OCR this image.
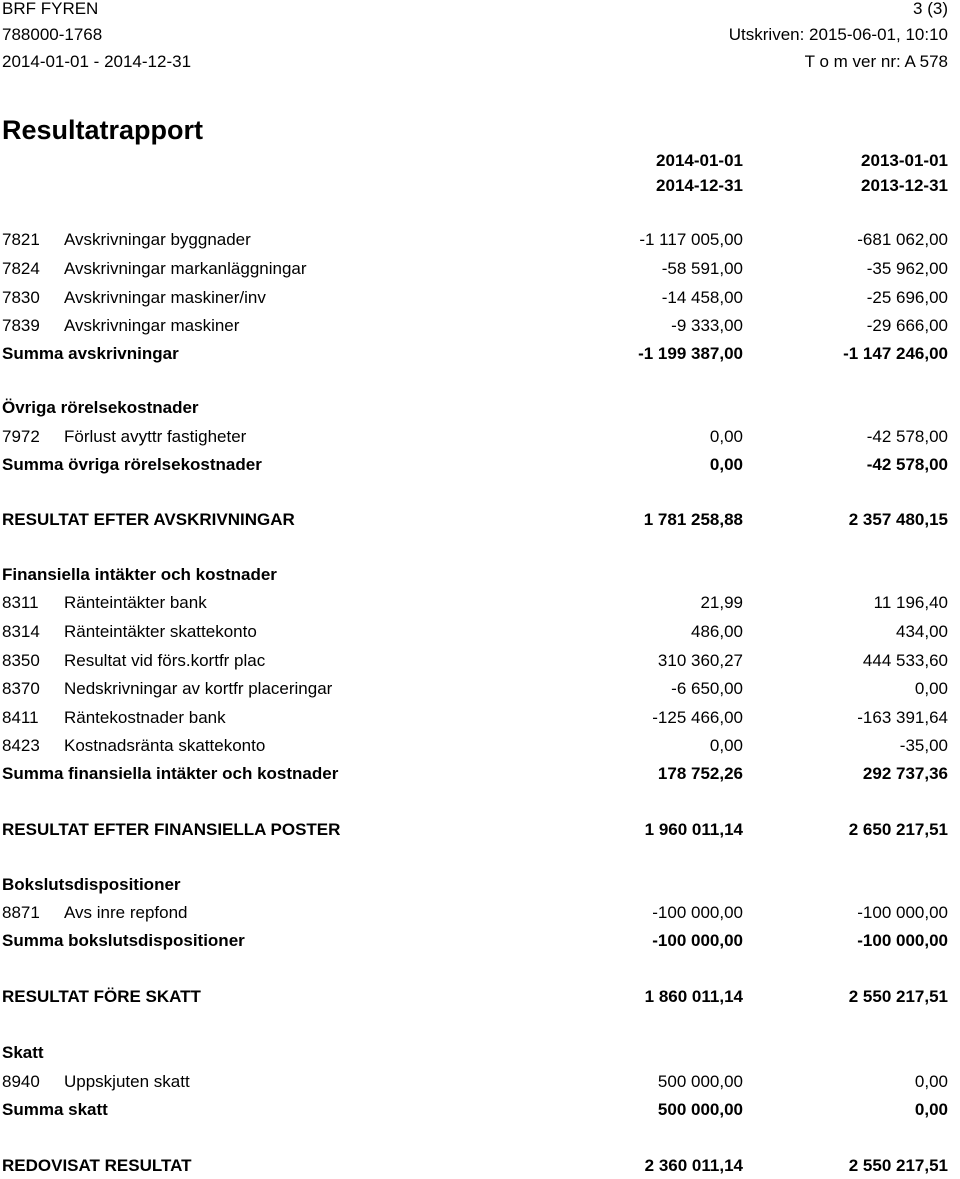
BRF FYREN	3 (3)
788000-1768	Utskriven: 2015-06-01, 10:10
2014-01-01 - 2014-12-31	T o m ver nr: A 578
Resultatrapport
2014-01-01
2014-12-31
2013-01-01
2013-12-31
7821 Avskrivningar byggnader	-1 117 005,00	-681 062,00
7824 Avskrivningar markanläggningar	-58 591,00	-35 962,00
7830 Avskrivningar maskiner/inv	-14 458,00	-25 696,00
7839 Avskrivningar maskiner	-9 333,00	-29 666,00
Summa avskrivningar	-1 199 387,00	-1 147 246,00
Övriga rörelsekostnader
7972 Förlust avyttr fastigheter	0,00	-42 578,00
Summa övriga rörelsekostnader	0,00	-42 578,00
RESULTAT EFTER AVSKRIVNINGAR	1 781 258,88	2 357 480,15
Finansiella intäkter och kostnader
8311 Ränteintäkter bank	21,99	11 196,40
8314 Ränteintäkter skattekonto	486,00	434,00
8350 Resultat vid förs.kortfr plac	310 360,27	444 533,60
8370 Nedskrivningar av kortfr placeringar	-6 650,00	0,00
8411 Räntekostnader bank	-125 466,00	-163 391,64
8423 Kostnadsränta skattekonto	0,00	-35,00
Summa finansiella intäkter och kostnader	178 752,26	292 737,36
RESULTAT EFTER FINANSIELLA POSTER	1 960 011,14	2 650 217,51
Bokslutsdispositioner
8871 Avs inre repfond	-100 000,00	-100 000,00
Summa bokslutsdispositioner	-100 000,00	-100 000,00
RESULTAT FÖRE SKATT	1 860 011,14	2 550 217,51
Skatt
8940 Uppskjuten skatt	500 000,00	0,00
Summa skatt	500 000,00	0,00
REDOVISAT RESULTAT	2 360 011,14	2 550 217,51
